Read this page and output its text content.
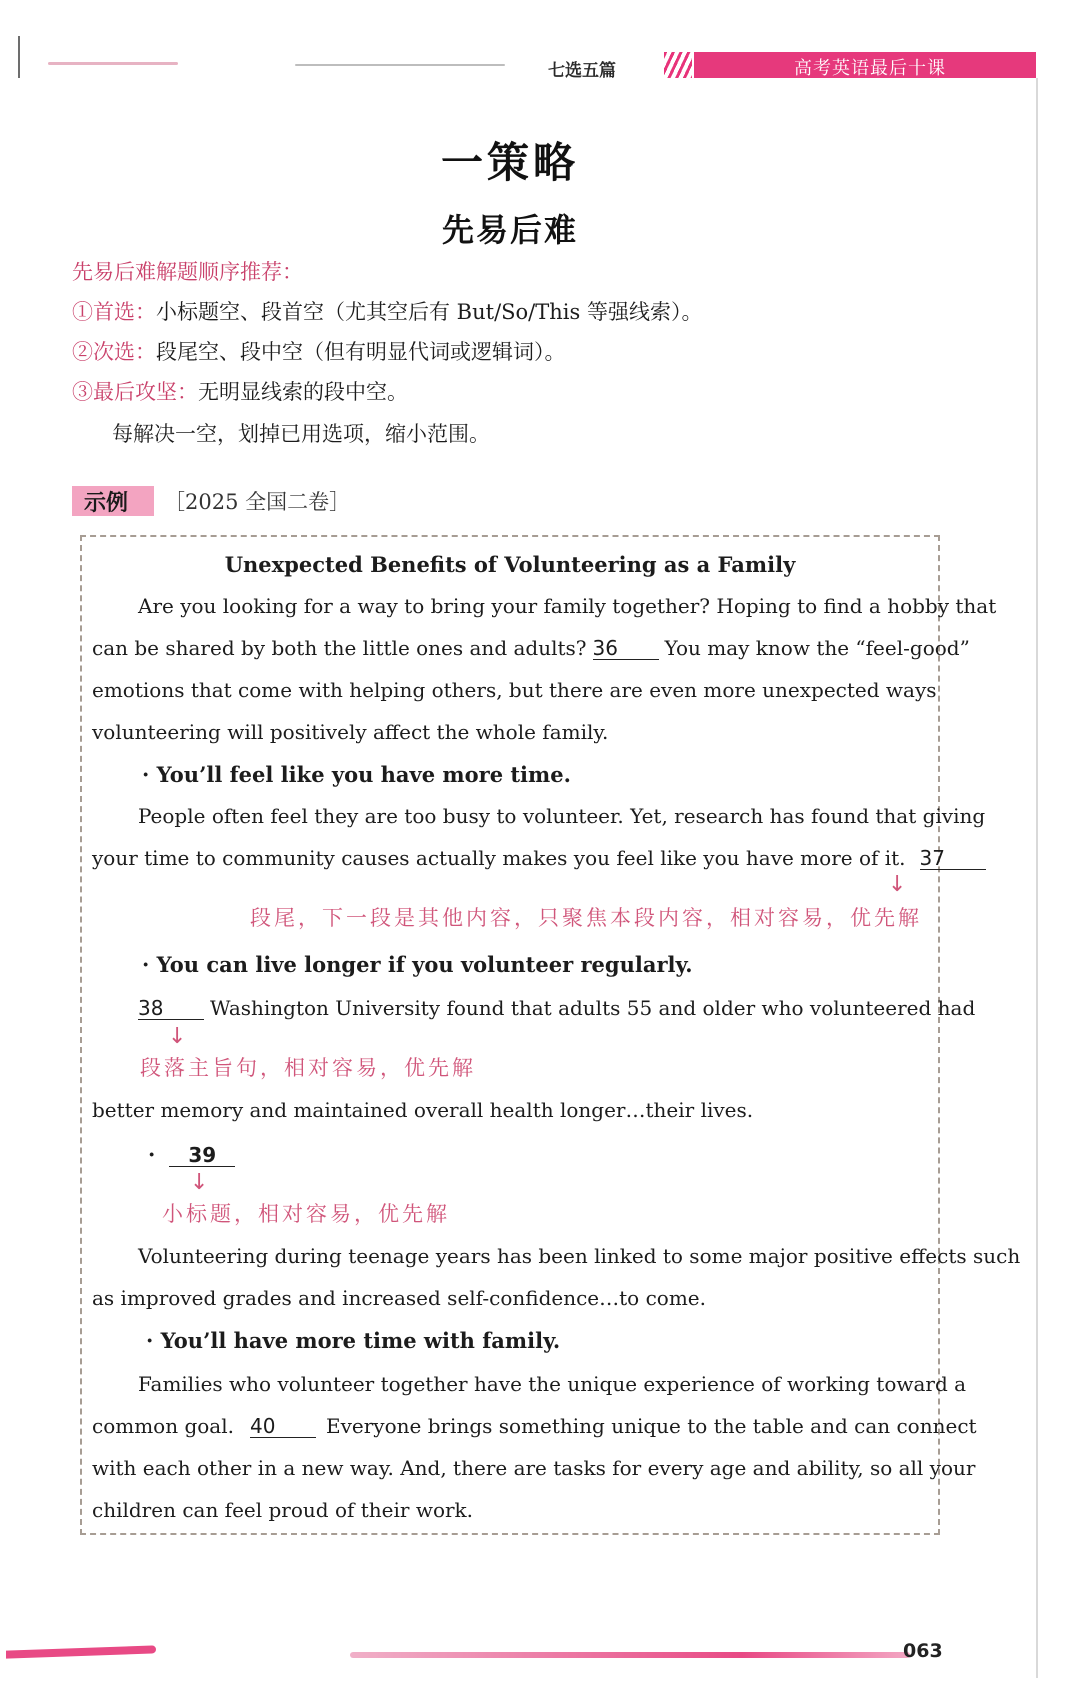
七选五篇	高考英语最后十课
一策略
先易后难
先易后难解题顺序推荐：
①首选：小标题空、段首空（尤其空后有 But/So/This 等强线索）。
②次选：段尾空、段中空（但有明显代词或逻辑词）。
③最后攻坚：无明显线索的段中空。
每解决一空，划掉已用选项，缩小范围。
示例 ［2025 全国二卷］
Unexpected Benefits of Volunteering as a Family
Are you looking for a way to bring your family together? Hoping to find a hobby that
can be shared by both the little ones and adults? 36 You may know the “feel-good”
emotions that come with helping others, but there are even more unexpected ways
volunteering will positively affect the whole family.
· You’ll feel like you have more time.
People often feel they are too busy to volunteer. Yet, research has found that giving
your time to community causes actually makes you feel like you have more of it. 37
↓
段尾，下一段是其他内容，只聚焦本段内容，相对容易，优先解
· You can live longer if you volunteer regularly.
38 Washington University found that adults 55 and older who volunteered had
↓
段落主旨句，相对容易，优先解
better memory and maintained overall health longer…their lives.
· 39
↓
小标题，相对容易，优先解
Volunteering during teenage years has been linked to some major positive effects such
as improved grades and increased self-confidence…to come.
· You’ll have more time with family.
Families who volunteer together have the unique experience of working toward a
common goal. 40	Everyone brings something unique to the table and can connect
with each other in a new way. And, there are tasks for every age and ability, so all your
children can feel proud of their work.
063
